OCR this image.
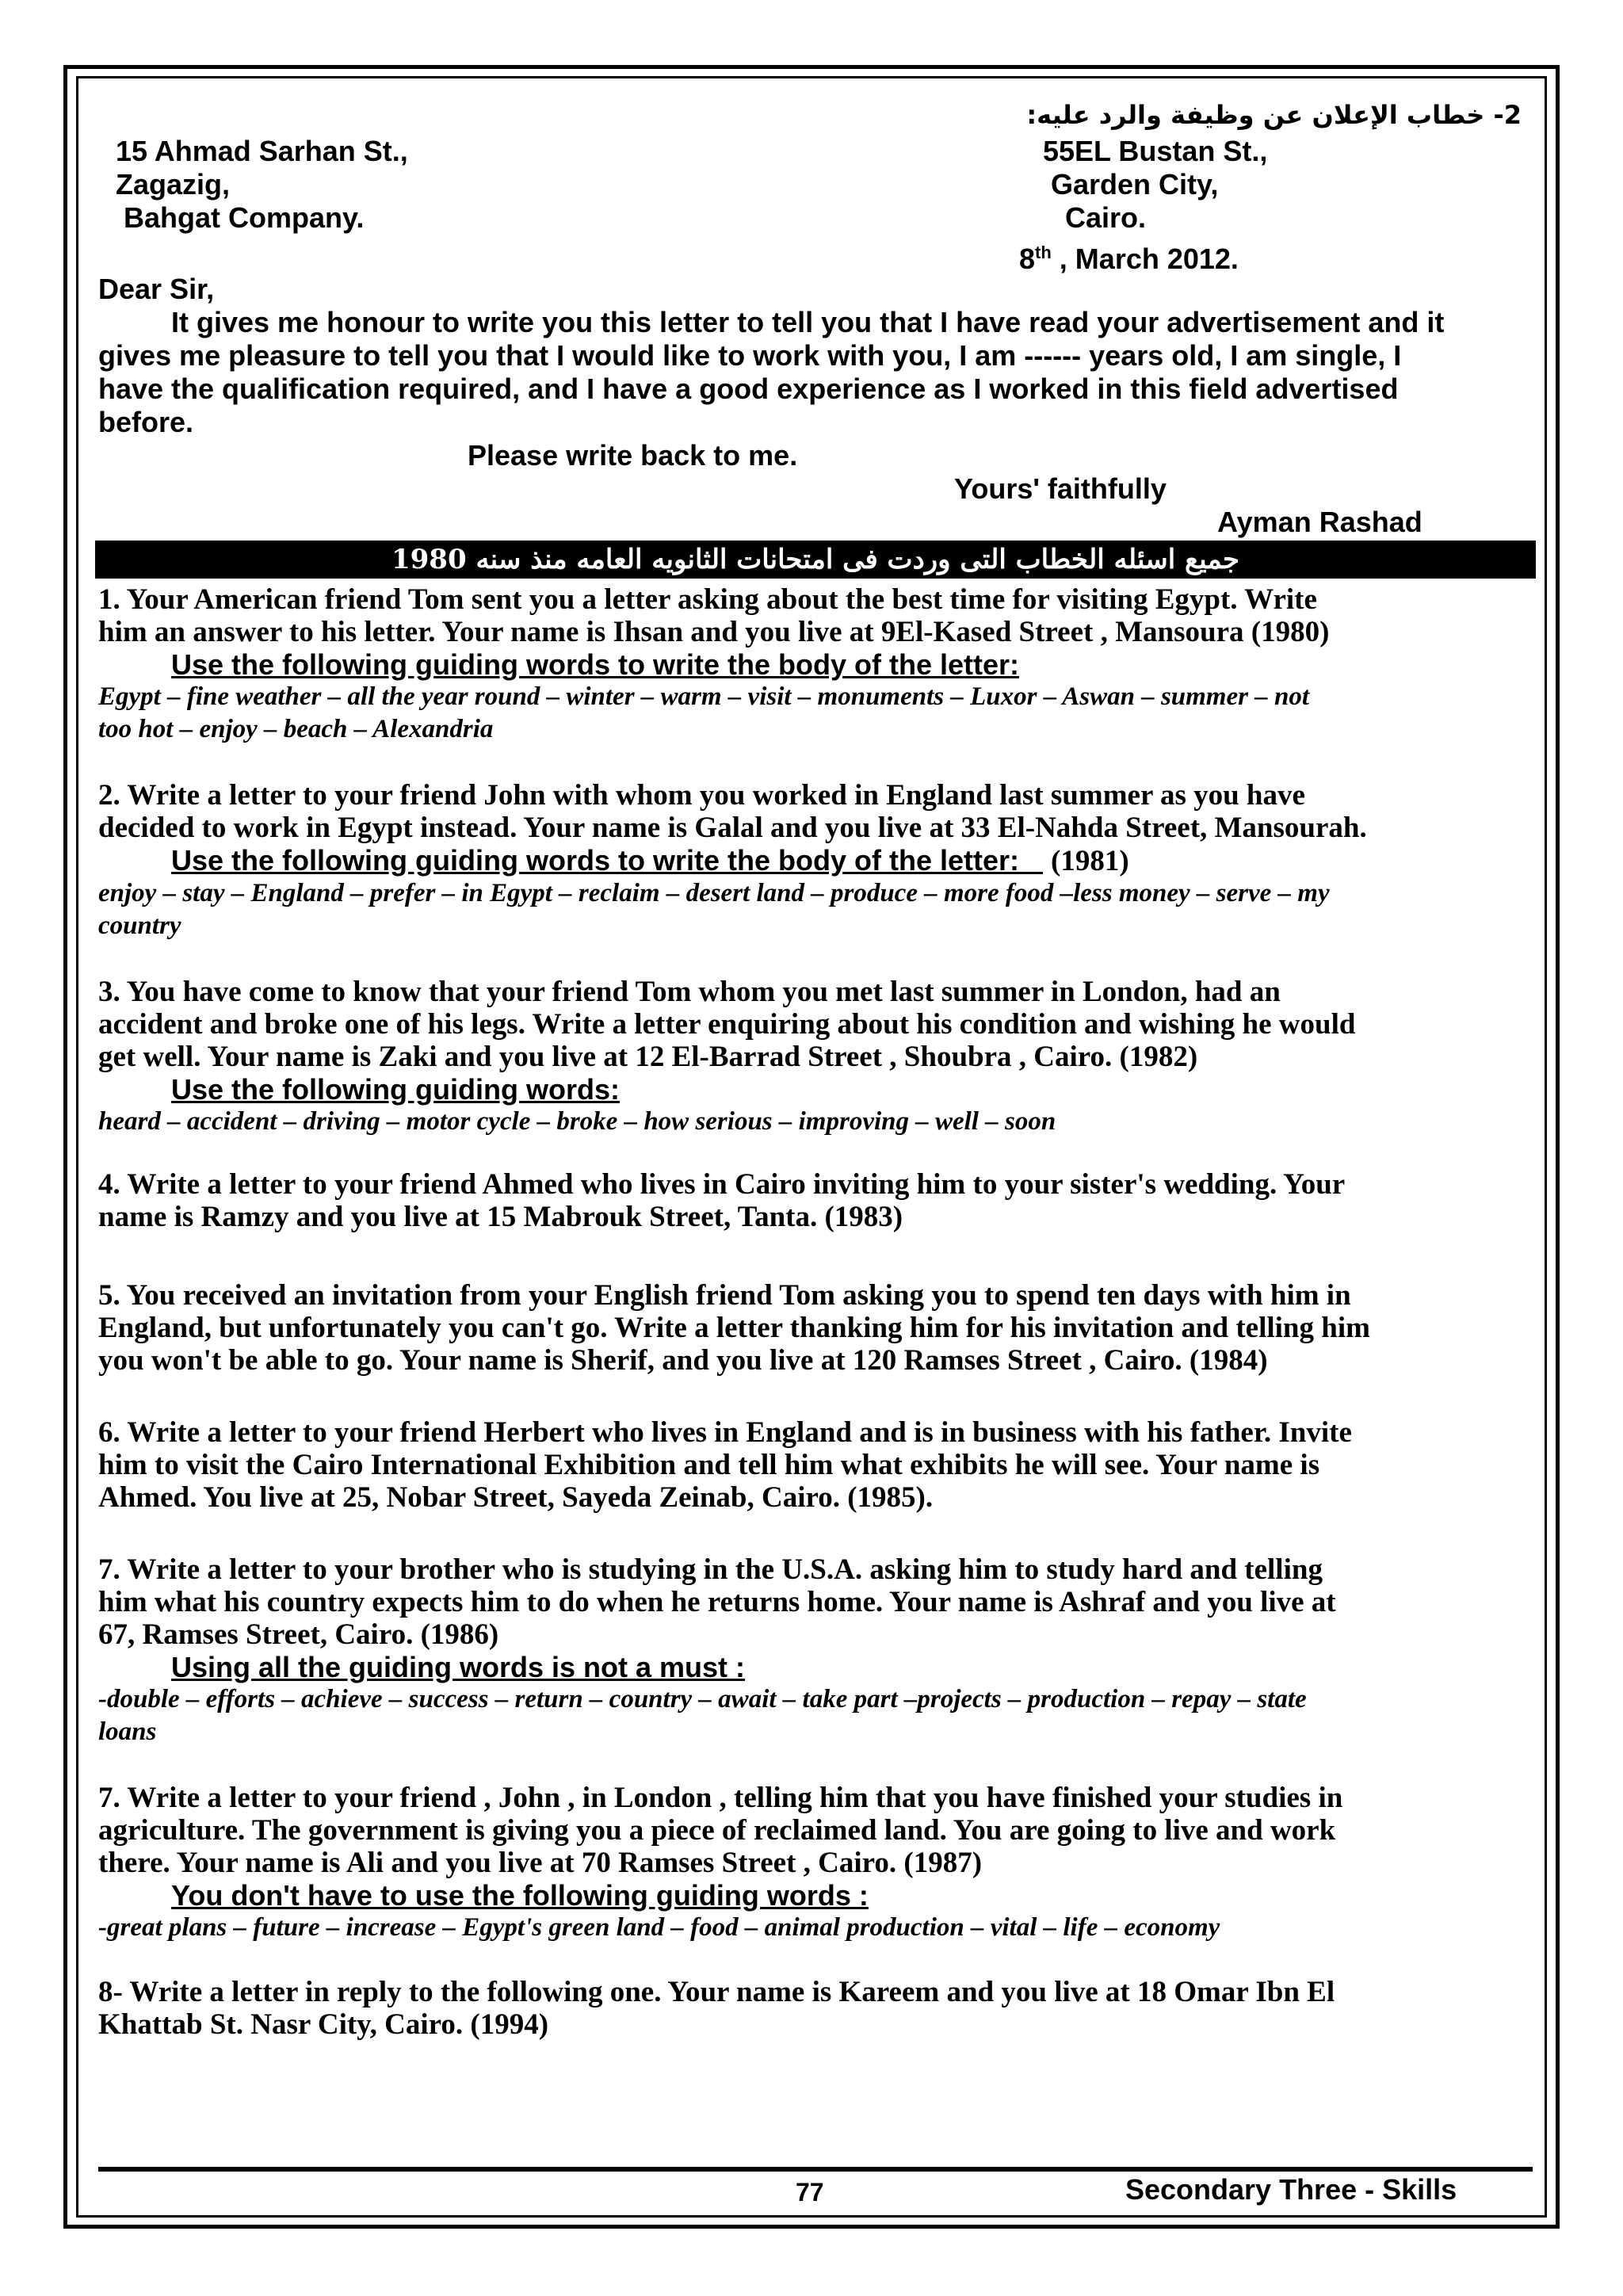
2- خطاب الإعلان عن وظيفة والرد عليه:
15 Ahmad Sarhan St.,
Zagazig,
Bahgat Company.
55EL Bustan St.,
Garden City,
Cairo.
8th , March 2012.
Dear Sir,

It gives me honour to write you this letter to tell you that I have read your advertisement and it

gives me pleasure to tell you that I would like to work with you, I am ------ years old, I am single, I

have the qualification required, and I have a good experience as I worked in this field advertised

before.

Please write back to me.
Yours' faithfully
Ayman Rashad
جميع اسئله الخطاب التى وردت فى امتحانات الثانويه العامه منذ سنه 1980

1. Your American friend Tom sent you a letter asking about the best time for visiting Egypt. Write

him an answer to his letter. Your name is Ihsan and you live at 9El-Kased Street , Mansoura (1980)

Use the following guiding words to write the body of the letter:

Egypt – fine weather – all the year round – winter – warm – visit – monuments – Luxor – Aswan – summer – not

too hot – enjoy – beach – Alexandria

2. Write a letter to your friend John with whom you worked in England last summer as you have

decided to work in Egypt instead. Your name is Galal and you live at 33 El-Nahda Street, Mansourah.

Use the following guiding words to write the body of the letter:    (1981)

enjoy – stay – England – prefer – in Egypt – reclaim – desert land – produce – more food –less money – serve – my

country

3. You have come to know that your friend Tom whom you met last summer in London, had an

accident and broke one of his legs. Write a letter enquiring about his condition and wishing he would

get well. Your name is Zaki and you live at 12 El-Barrad Street , Shoubra , Cairo. (1982)

Use the following guiding words:

heard – accident – driving – motor cycle – broke – how serious – improving – well – soon

4. Write a letter to your friend Ahmed who lives in Cairo inviting him to your sister's wedding. Your

name is Ramzy and you live at 15 Mabrouk Street, Tanta. (1983)

5. You received an invitation from your English friend Tom asking you to spend ten days with him in

England, but unfortunately you can't go. Write a letter thanking him for his invitation and telling him

you won't be able to go. Your name is Sherif, and you live at 120 Ramses Street , Cairo. (1984)

6. Write a letter to your friend Herbert who lives in England and is in business with his father. Invite

him to visit the Cairo International Exhibition and tell him what exhibits he will see. Your name is

Ahmed. You live at 25, Nobar Street, Sayeda Zeinab, Cairo. (1985).

7. Write a letter to your brother who is studying in the U.S.A. asking him to study hard and telling

him what his country expects him to do when he returns home. Your name is Ashraf and you live at

67, Ramses Street, Cairo. (1986)

Using all the guiding words is not a must :

-double – efforts – achieve – success – return – country – await – take part –projects – production – repay – state

loans

7. Write a letter to your friend , John , in London , telling him that you have finished your studies in

agriculture. The government is giving you a piece of reclaimed land. You are going to live and work

there. Your name is Ali and you live at 70 Ramses Street , Cairo. (1987)

You don't have to use the following guiding words :

-great plans – future – increase – Egypt's green land – food – animal production – vital – life – economy

8- Write a letter in reply to the following one. Your name is Kareem and you live at 18 Omar Ibn El

Khattab St. Nasr City, Cairo. (1994)

77	Secondary Three - Skills
